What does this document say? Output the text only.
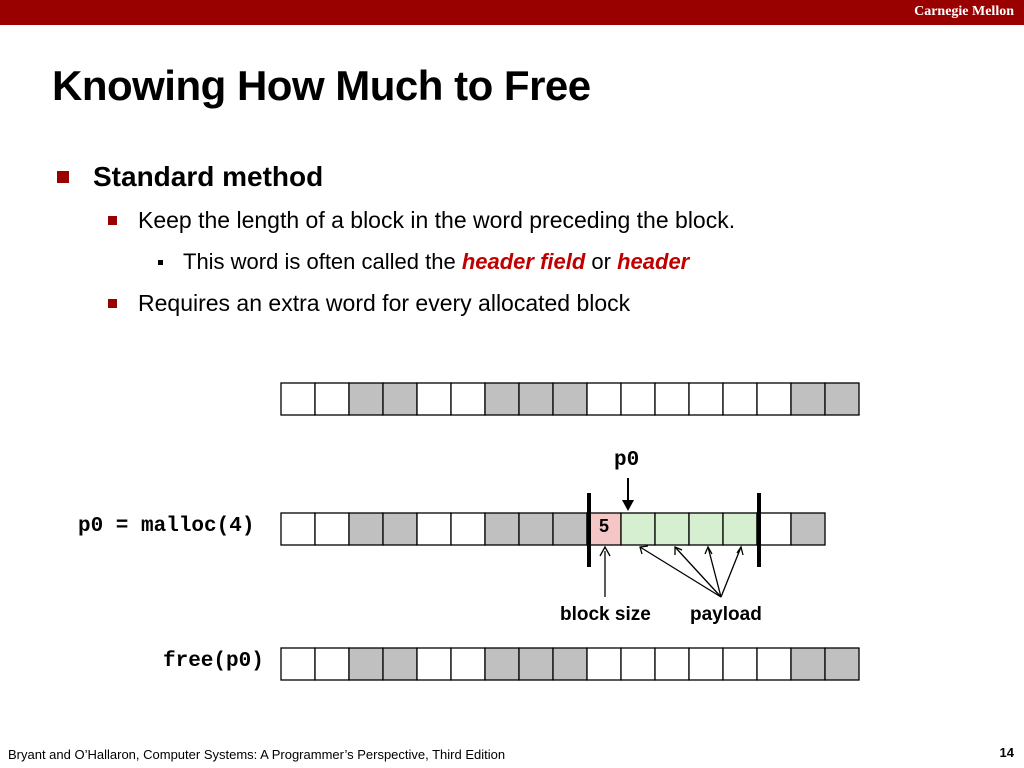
Carnegie Mellon
Knowing How Much to Free
Standard method
Keep the length of a block in the word preceding the block.
This word is often called the header field or header
Requires an extra word for every allocated block
p0
p0 = malloc(4)
free(p0)
5
block size payload
Bryant and O’Hallaron, Computer Systems: A Programmer’s Perspective, Third Edition	14
